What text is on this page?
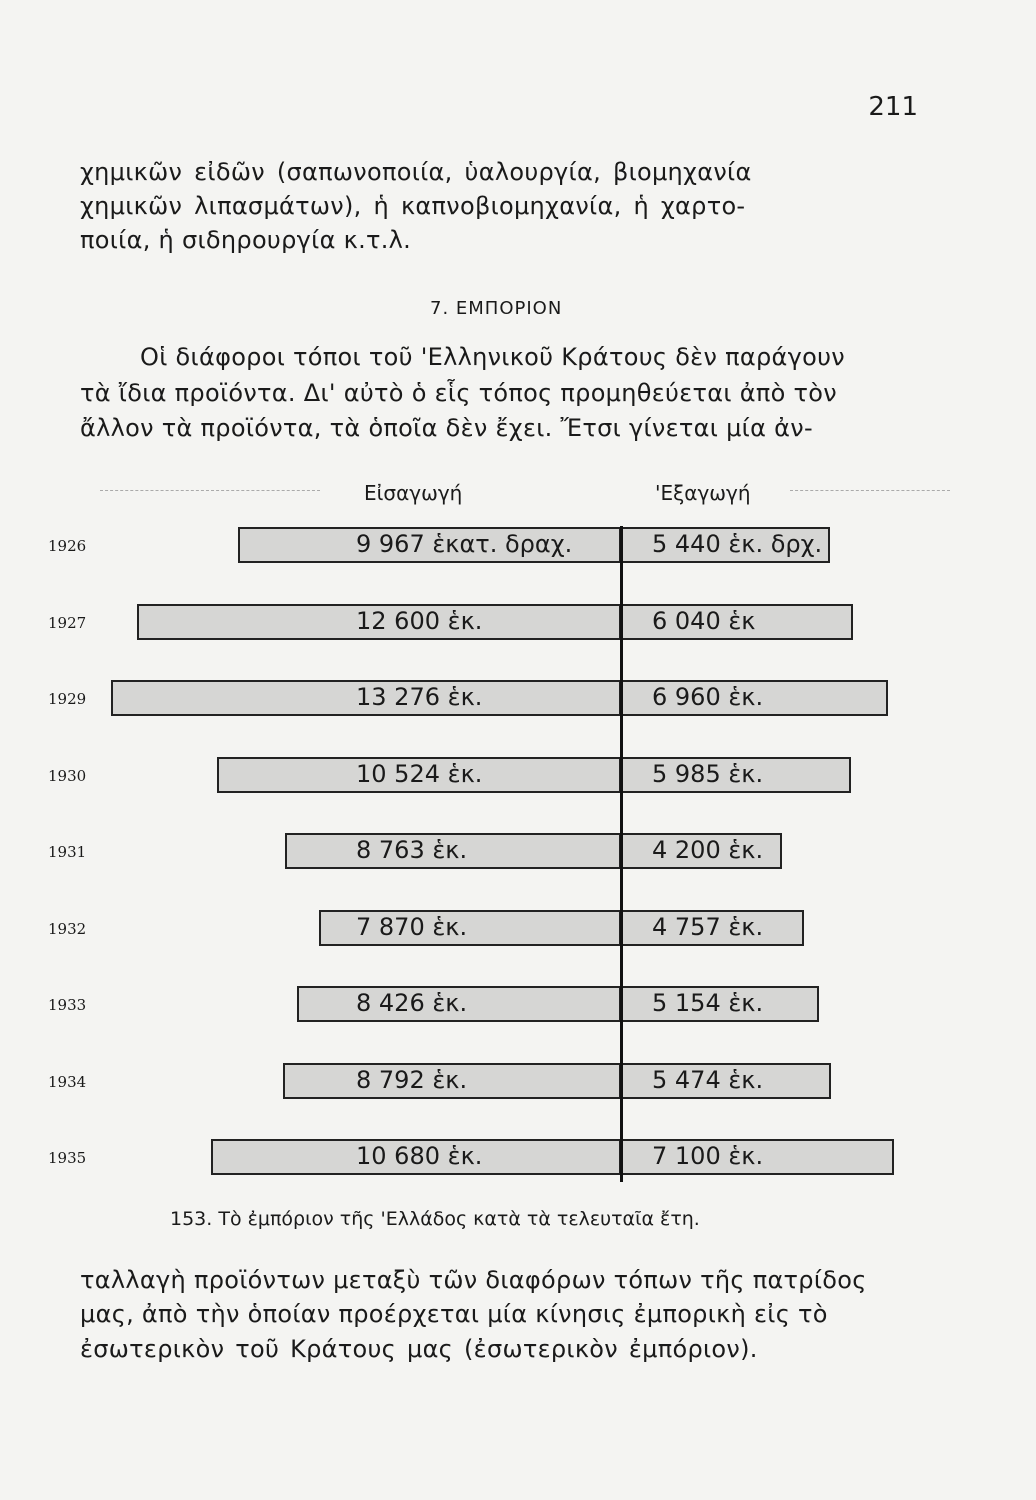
211
χημικῶν εἰδῶν (σαπωνοποιία, ὑαλουργία, βιομηχανία
χημικῶν λιπασμάτων), ἡ καπνοβιομηχανία, ἡ χαρτο-
ποιία, ἡ σιδηρουργία κ.τ.λ.
7. ΕΜΠΟΡΙΟΝ
Οἱ διάφοροι τόποι τοῦ 'Ελληνικοῦ Κράτους δὲν παράγουν
τὰ ἴδια προϊόντα. Δι' αὐτὸ ὁ εἷς τόπος προμηθεύεται ἀπὸ τὸν
ἄλλον τὰ προϊόντα, τὰ ὁποῖα δὲν ἔχει. Ἔτσι γίνεται μία ἀν-
Εἰσαγωγή	'Εξαγωγή
1926	9 967 ἑκατ. δραχ.	5 440 ἑκ. δρχ.
1927	12 600 ἑκ.	6 040 ἑκ
1929	13 276 ἑκ.	6 960 ἑκ.
1930	10 524 ἑκ.	5 985 ἑκ.
1931	8 763 ἑκ.	4 200 ἑκ.
1932	7 870 ἑκ.	4 757 ἑκ.
1933	8 426 ἑκ.	5 154 ἑκ.
1934	8 792 ἑκ.	5 474 ἑκ.
1935	10 680 ἑκ.	7 100 ἑκ.
153. Τὸ ἐμπόριον τῆς 'Ελλάδος κατὰ τὰ τελευταῖα ἔτη.
ταλλαγὴ προϊόντων μεταξὺ τῶν διαφόρων τόπων τῆς πατρίδος
μας, ἀπὸ τὴν ὁποίαν προέρχεται μία κίνησις ἐμπορικὴ εἰς τὸ
ἐσωτερικὸν τοῦ Κράτους μας (ἐσωτερικὸν ἐμπόριον).
